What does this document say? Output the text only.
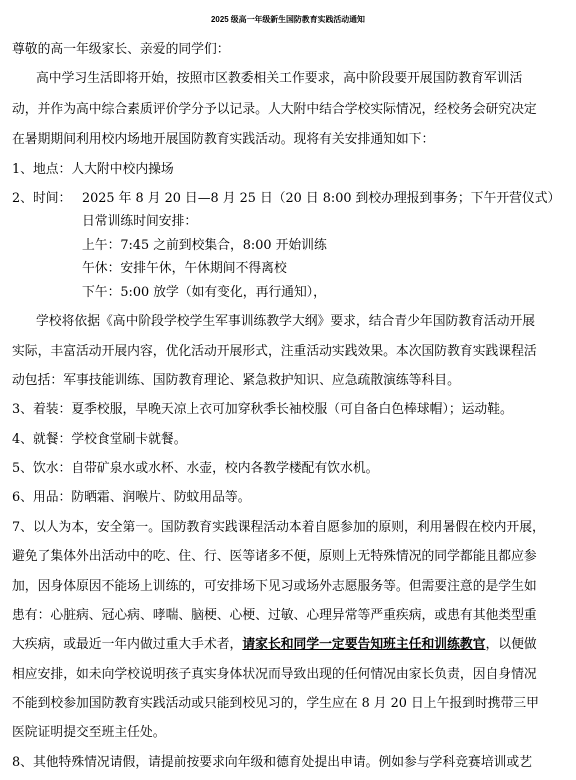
2025 级高一年级新生国防教育实践活动通知
尊敬的高一年级家长、亲爱的同学们：
高中学习生活即将开始，按照市区教委相关工作要求，高中阶段要开展国防教育军训活
动，并作为高中综合素质评价学分予以记录。人大附中结合学校实际情况，经校务会研究决定
在暑期期间利用校内场地开展国防教育实践活动。现将有关安排通知如下：
1、地点：人大附中校内操场
2、时间： 2025 年 8 月 20 日—8 月 25 日（20 日 8:00 到校办理报到事务；下午开营仪式）
日常训练时间安排：
上午：7:45 之前到校集合，8:00 开始训练
午休：安排午休，午休期间不得离校
下午：5:00 放学（如有变化，再行通知），
学校将依据《高中阶段学校学生军事训练教学大纲》要求，结合青少年国防教育活动开展
实际，丰富活动开展内容，优化活动开展形式，注重活动实践效果。本次国防教育实践课程活
动包括：军事技能训练、国防教育理论、紧急救护知识、应急疏散演练等科目。
3、着装：夏季校服，早晚天凉上衣可加穿秋季长袖校服（可自备白色棒球帽）；运动鞋。
4、就餐：学校食堂刷卡就餐。
5、饮水：自带矿泉水或水杯、水壶，校内各教学楼配有饮水机。
6、用品：防晒霜、润喉片、防蚊用品等。
7、以人为本，安全第一。国防教育实践课程活动本着自愿参加的原则，利用暑假在校内开展，
避免了集体外出活动中的吃、住、行、医等诸多不便，原则上无特殊情况的同学都能且都应参
加，因身体原因不能场上训练的，可安排场下见习或场外志愿服务等。但需要注意的是学生如
患有：心脏病、冠心病、哮喘、脑梗、心梗、过敏、心理异常等严重疾病，或患有其他类型重
大疾病，或最近一年内做过重大手术者，请家长和同学一定要告知班主任和训练教官，以便做
相应安排，如未向学校说明孩子真实身体状况而导致出现的任何情况由家长负责，因自身情况
不能到校参加国防教育实践活动或只能到校见习的，学生应在 8 月 20 日上午报到时携带三甲
医院证明提交至班主任处。
8、其他特殊情况请假，请提前按要求向年级和德育处提出申请。例如参与学科竞赛培训或艺
